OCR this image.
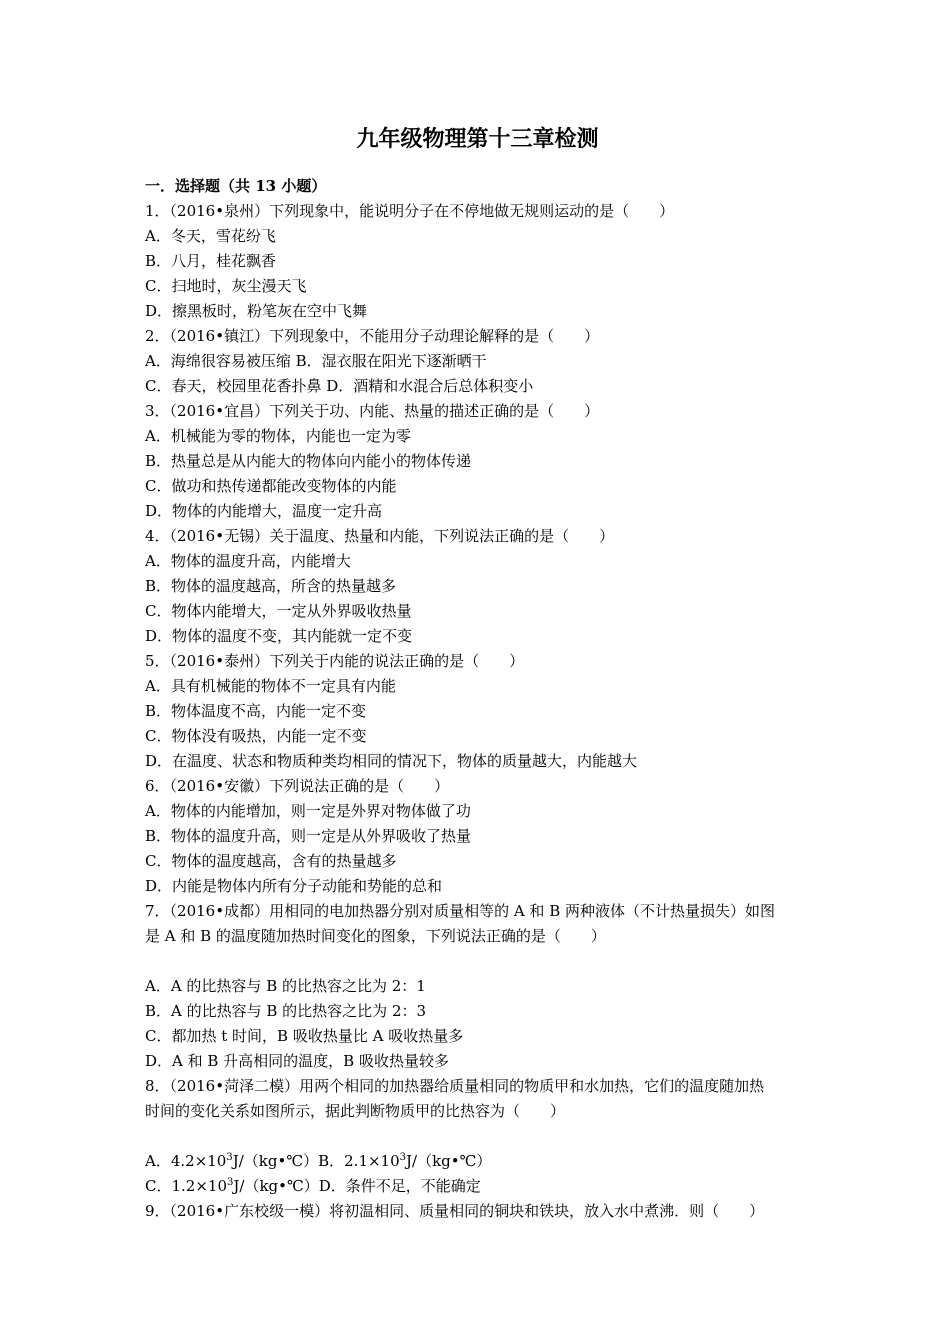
九年级物理第十三章检测
一．选择题（共 13 小题）
1．（2016•泉州）下列现象中，能说明分子在不停地做无规则运动的是（　　）
A．冬天，雪花纷飞
B．八月，桂花飘香
C．扫地时，灰尘漫天飞
D．擦黑板时，粉笔灰在空中飞舞
2．（2016•镇江）下列现象中，不能用分子动理论解释的是（　　）
A．海绵很容易被压缩 B．湿衣服在阳光下逐渐晒干
C．春天，校园里花香扑鼻 D．酒精和水混合后总体积变小
3．（2016•宜昌）下列关于功、内能、热量的描述正确的是（　　）
A．机械能为零的物体，内能也一定为零
B．热量总是从内能大的物体向内能小的物体传递
C．做功和热传递都能改变物体的内能
D．物体的内能增大，温度一定升高
4．（2016•无锡）关于温度、热量和内能，下列说法正确的是（　　）
A．物体的温度升高，内能增大
B．物体的温度越高，所含的热量越多
C．物体内能增大，一定从外界吸收热量
D．物体的温度不变，其内能就一定不变
5．（2016•泰州）下列关于内能的说法正确的是（　　）
A．具有机械能的物体不一定具有内能
B．物体温度不高，内能一定不变
C．物体没有吸热，内能一定不变
D．在温度、状态和物质种类均相同的情况下，物体的质量越大，内能越大
6．（2016•安徽）下列说法正确的是（　　）
A．物体的内能增加，则一定是外界对物体做了功
B．物体的温度升高，则一定是从外界吸收了热量
C．物体的温度越高，含有的热量越多
D．内能是物体内所有分子动能和势能的总和
7．（2016•成都）用相同的电加热器分别对质量相等的 A 和 B 两种液体（不计热量损失）如图
是 A 和 B 的温度随加热时间变化的图象，下列说法正确的是（　　）
A．A 的比热容与 B 的比热容之比为 2：1
B．A 的比热容与 B 的比热容之比为 2：3
C．都加热 t 时间，B 吸收热量比 A 吸收热量多
D．A 和 B 升高相同的温度，B 吸收热量较多
8．（2016•菏泽二模）用两个相同的加热器给质量相同的物质甲和水加热，它们的温度随加热
时间的变化关系如图所示，据此判断物质甲的比热容为（　　）
A．$4.2\times 10^3J/(kg•℃)B$．$2.1\times 10^3J/(kg•℃)$
C．$1.2\times 10^3J/(kg•℃)D$．条件不足，不能确定
9．（2016•广东校级一模）将初温相同、质量相同的铜块和铁块，放入水中煮沸．则（　　）
